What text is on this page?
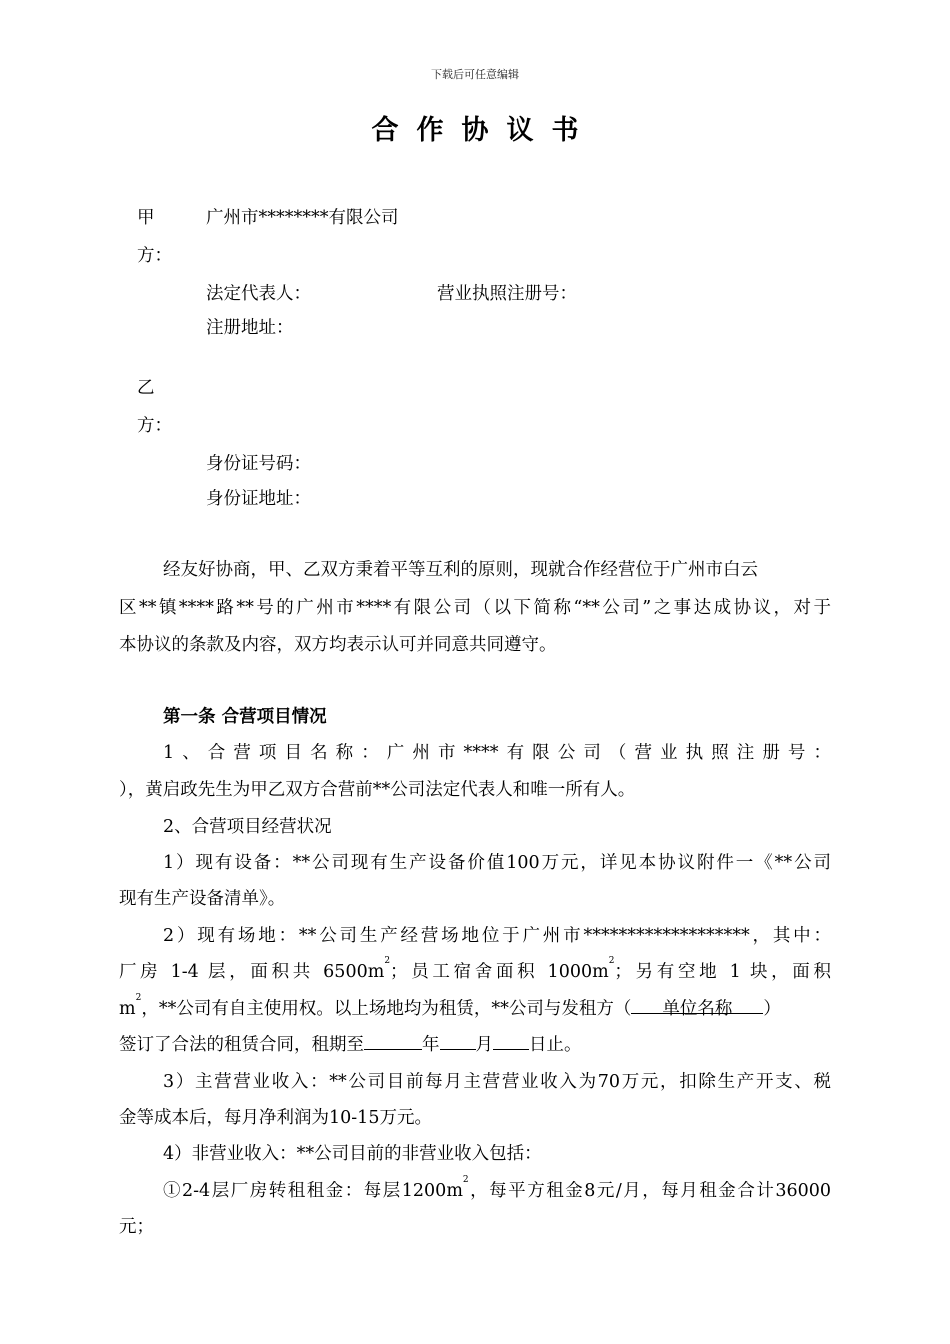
下载后可任意编辑
合作协议书
甲	广州市********有限公司
方：
法定代表人：	营业执照注册号：
注册地址：
乙
方：
身份证号码：
身份证地址：
经友好协商，甲、乙双方秉着平等互利的原则，现就合作经营位于广州市白云
区**镇****路**号的广州市****有限公司（以下简称“**公司”之事达成协议，对于
本协议的条款及内容，双方均表示认可并同意共同遵守。
第一条 合营项目情况
1、合营项目名称：广州市****有限公司（营业执照注册号：
），黄启政先生为甲乙双方合营前**公司法定代表人和唯一所有人。
2、合营项目经营状况
1）现有设备：**公司现有生产设备价值100万元，详见本协议附件一《**公司
现有生产设备清单》。
2）现有场地：**公司生产经营场地位于广州市*******************，其中：
厂房 1-4 层，面积共 $6500m^2$；员工宿舍面积 $1000m^2$；另有空地 1 块，面积
$m^2$，**公司有自主使用权。以上场地均为租赁，**公司与发租方（ 单位名称 ）
签订了合法的租赁合同，租期至	年 月 日止。
3）主营营业收入：**公司目前每月主营营业收入为70万元，扣除生产开支、税
金等成本后，每月净利润为10-15万元。
4）非营业收入：**公司目前的非营业收入包括：
①2-4层厂房转租租金：每层$1200m^2$，每平方租金8元/月，每月租金合计36000
元；
